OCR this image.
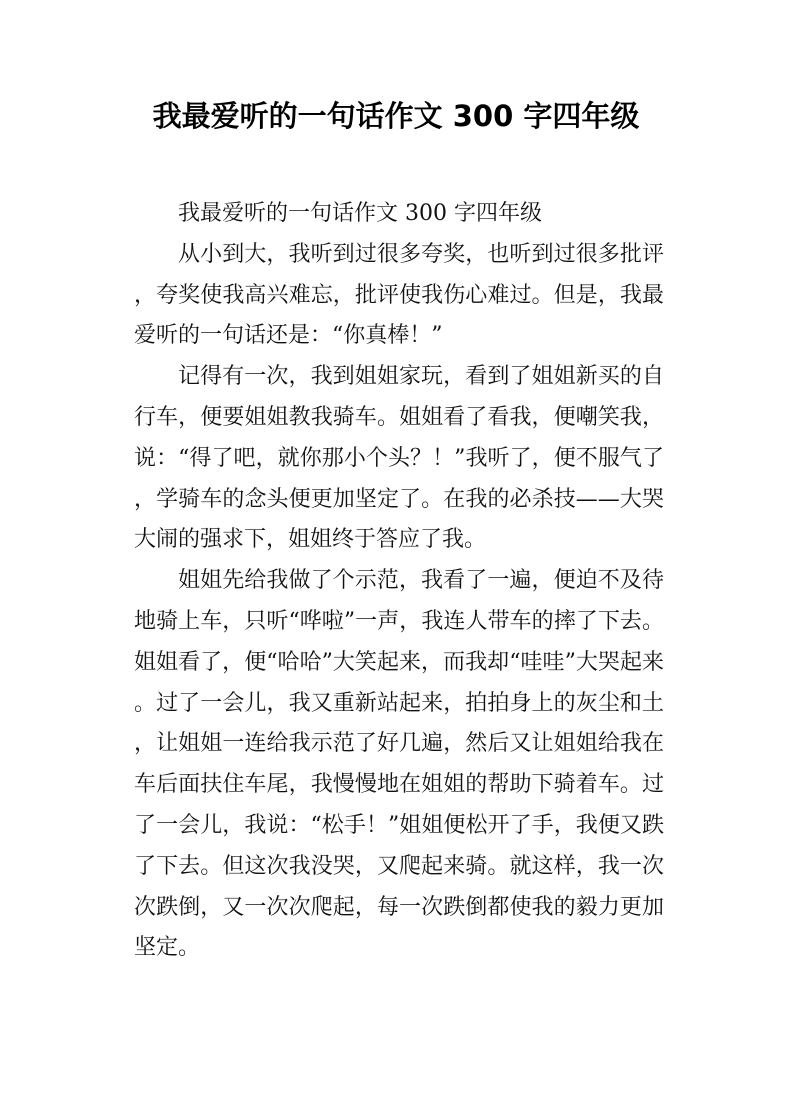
我最爱听的一句话作文 300 字四年级

我最爱听的一句话作文 300 字四年级

从小到大，我听到过很多夸奖，也听到过很多批评，夸奖使我高兴难忘，批评使我伤心难过。但是，我最爱听的一句话还是：“你真棒！”

记得有一次，我到姐姐家玩，看到了姐姐新买的自行车，便要姐姐教我骑车。姐姐看了看我，便嘲笑我，说：“得了吧，就你那小个头？！”我听了，便不服气了，学骑车的念头便更加坚定了。在我的必杀技——大哭大闹的强求下，姐姐终于答应了我。

姐姐先给我做了个示范，我看了一遍，便迫不及待地骑上车，只听“哗啦”一声，我连人带车的摔了下去。姐姐看了，便“哈哈”大笑起来，而我却“哇哇”大哭起来。过了一会儿，我又重新站起来，拍拍身上的灰尘和土，让姐姐一连给我示范了好几遍，然后又让姐姐给我在车后面扶住车尾，我慢慢地在姐姐的帮助下骑着车。过了一会儿，我说：“松手！”姐姐便松开了手，我便又跌了下去。但这次我没哭，又爬起来骑。就这样，我一次次跌倒，又一次次爬起，每一次跌倒都使我的毅力更加坚定。
